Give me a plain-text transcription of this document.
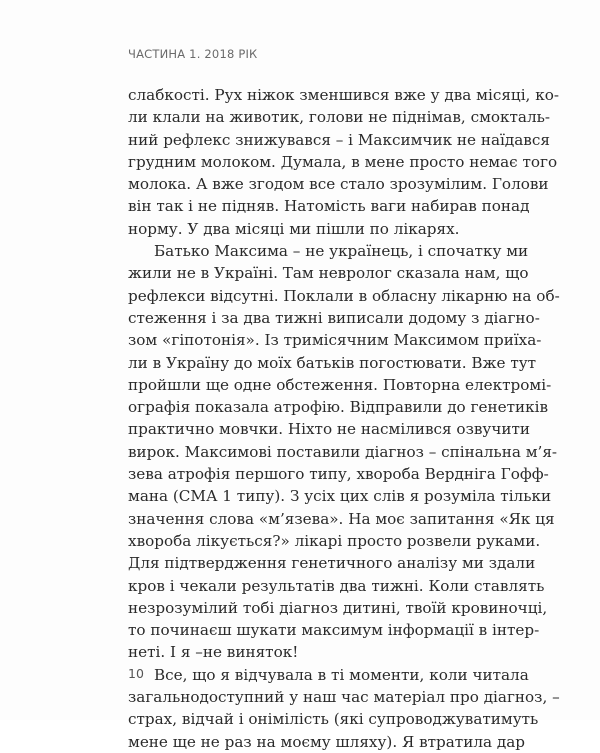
ЧАСТИНА 1. 2018 РІК
слабкості. Рух ніжок зменшився вже у два місяці, ко-
ли клали на животик, голови не піднімав, смокталь-
ний рефлекс знижувався – і Максимчик не наїдався
грудним молоком. Думала, в мене просто немає того
молока. А вже згодом все стало зрозумілим. Голови
він так і не підняв. Натомість ваги набирав понад
норму. У два місяці ми пішли по лікарях.
Батько Максима – не українець, і спочатку ми
жили не в Україні. Там невролог сказала нам, що
рефлекси відсутні. Поклали в обласну лікарню на об-
стеження і за два тижні виписали додому з діагно-
зом «гіпотонія». Із тримісячним Максимом приїха-
ли в Україну до моїх батьків погостювати. Вже тут
пройшли ще одне обстеження. Повторна електромі-
ографія показала атрофію. Відправили до генетиків
практично мовчки. Ніхто не насмілився озвучити
вирок. Максимові поставили діагноз – спінальна м’я-
зева атрофія першого типу, хвороба Вердніга Гофф-
мана (СМА 1 типу). З усіх цих слів я розуміла тільки
значення слова «м’язева». На моє запитання «Як ця
хвороба лікується?» лікарі просто розвели руками.
Для підтвердження генетичного аналізу ми здали
кров і чекали результатів два тижні. Коли ставлять
незрозумілий тобі діагноз дитині, твоїй кровиночці,
то починаєш шукати максимум інформації в інтер-
неті. І я –не виняток!
Все, що я відчувала в ті моменти, коли читала
загальнодоступний у наш час матеріал про діагноз, –
страх, відчай і оніміліcть (які супроводжуватимуть
мене ще не раз на моєму шляху). Я втратила дар
10
